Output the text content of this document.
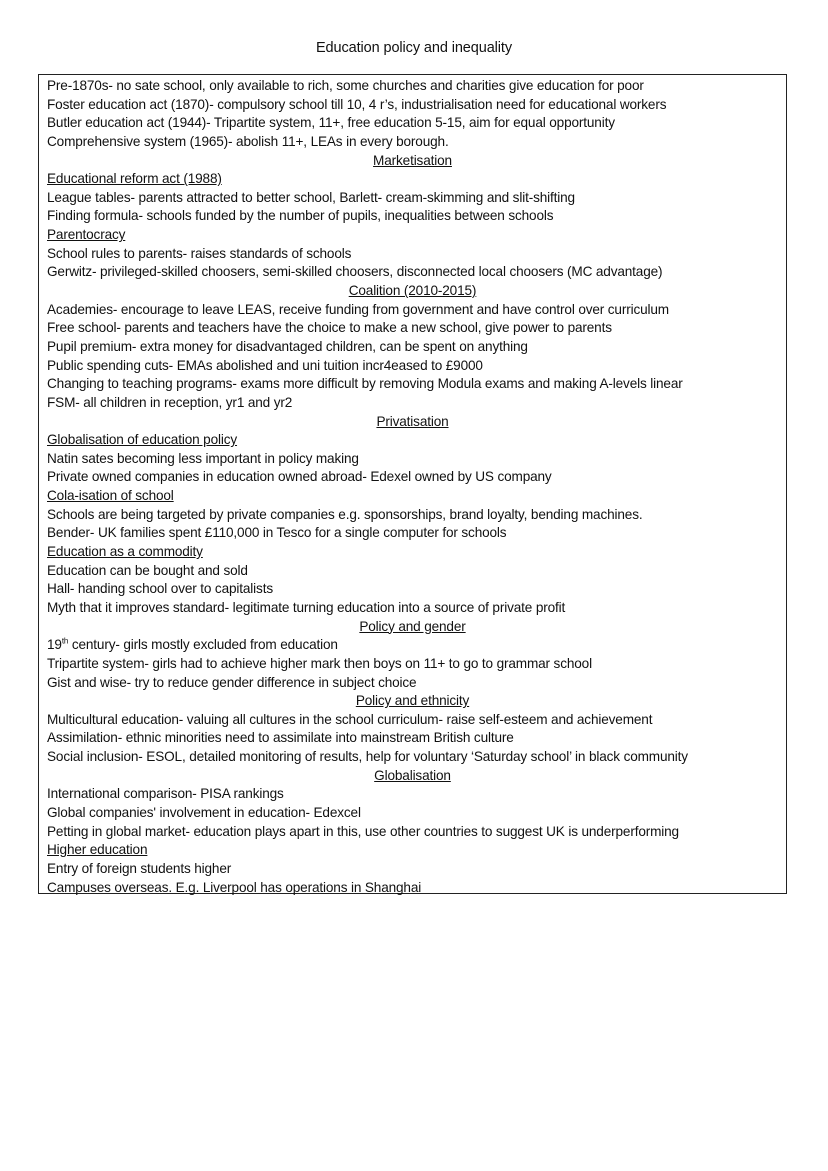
Education policy and inequality
Pre-1870s- no sate school, only available to rich, some churches and charities give education for poor
Foster education act (1870)- compulsory school till 10, 4 r’s, industrialisation need for educational workers
Butler education act (1944)- Tripartite system, 11+, free education 5-15, aim for equal opportunity
Comprehensive system (1965)- abolish 11+, LEAs in every borough.
Marketisation
Educational reform act (1988)
League tables- parents attracted to better school, Barlett- cream-skimming and slit-shifting
Finding formula- schools funded by the number of pupils, inequalities between schools
Parentocracy
School rules to parents- raises standards of schools
Gerwitz- privileged-skilled choosers, semi-skilled choosers, disconnected local choosers (MC advantage)
Coalition (2010-2015)
Academies- encourage to leave LEAS, receive funding from government and have control over curriculum
Free school- parents and teachers have the choice to make a new school, give power to parents
Pupil premium- extra money for disadvantaged children, can be spent on anything
Public spending cuts- EMAs abolished and uni tuition incr4eased to £9000
Changing to teaching programs- exams more difficult by removing Modula exams and making A-levels linear
FSM- all children in reception, yr1 and yr2
Privatisation
Globalisation of education policy
Natin sates becoming less important in policy making
Private owned companies in education owned abroad- Edexel owned by US company
Cola-isation of school
Schools are being targeted by private companies e.g. sponsorships, brand loyalty, bending machines.
Bender- UK families spent £110,000 in Tesco for a single computer for schools
Education as a commodity
Education can be bought and sold
Hall- handing school over to capitalists
Myth that it improves standard- legitimate turning education into a source of private profit
Policy and gender
19th century- girls mostly excluded from education
Tripartite system- girls had to achieve higher mark then boys on 11+ to go to grammar school
Gist and wise- try to reduce gender difference in subject choice
Policy and ethnicity
Multicultural education- valuing all cultures in the school curriculum- raise self-esteem and achievement
Assimilation- ethnic minorities need to assimilate into mainstream British culture
Social inclusion- ESOL, detailed monitoring of results, help for voluntary ‘Saturday school’ in black community
Globalisation
International comparison- PISA rankings
Global companies' involvement in education- Edexcel
Petting in global market- education plays apart in this, use other countries to suggest UK is underperforming
Higher education
Entry of foreign students higher
Campuses overseas. E.g. Liverpool has operations in Shanghai
